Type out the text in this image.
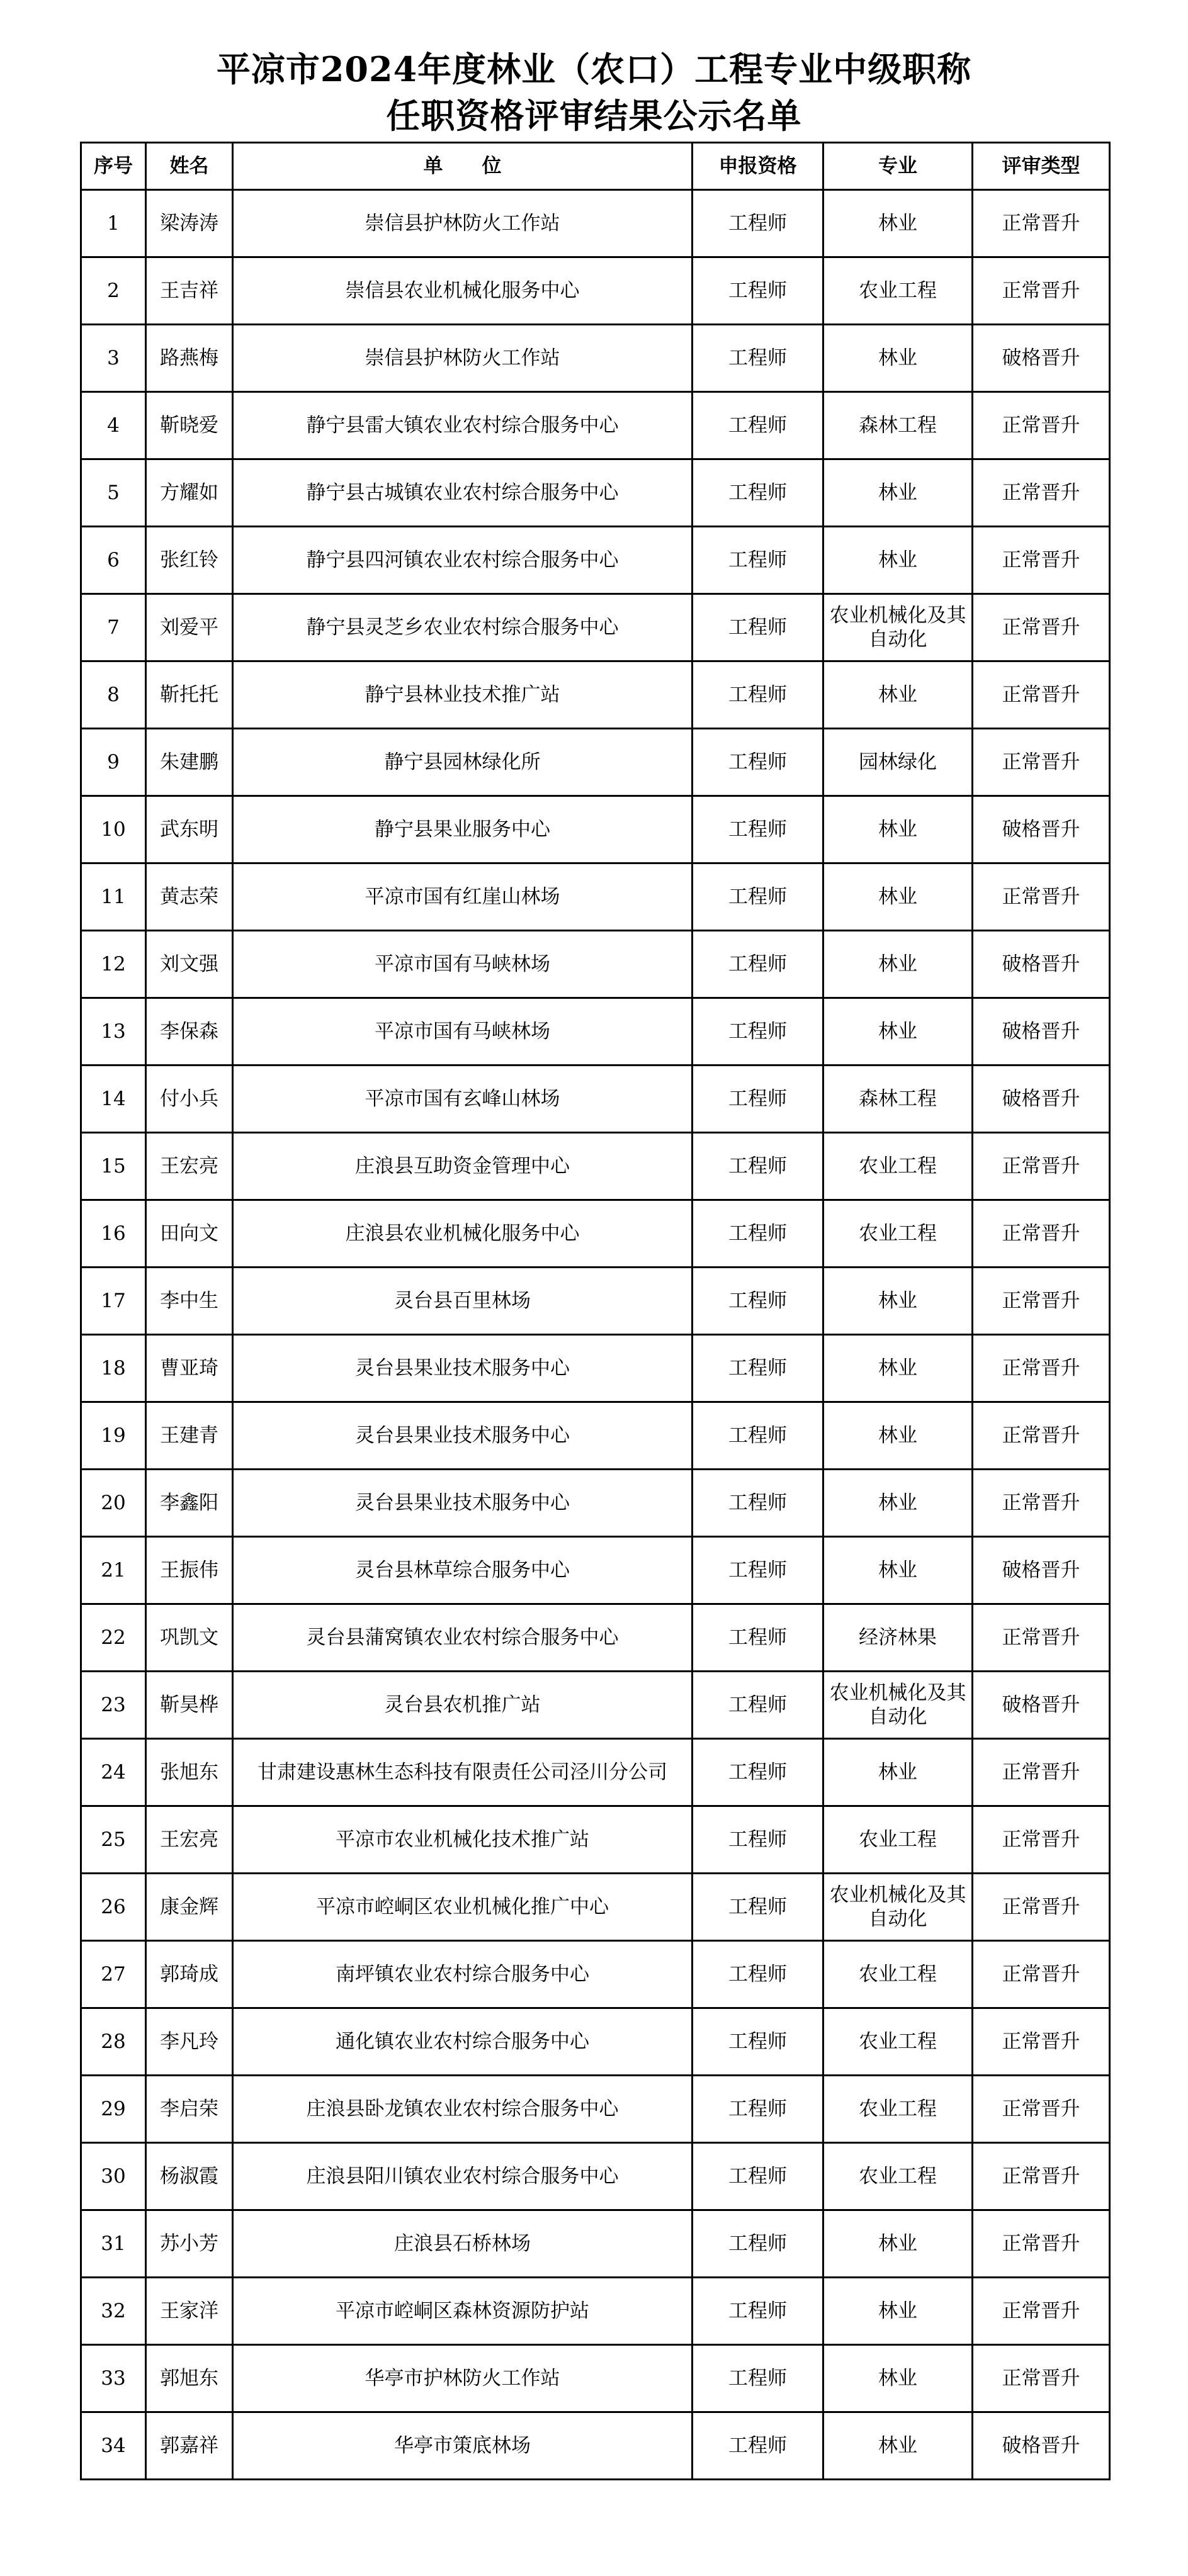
平凉市2024年度林业（农口）工程专业中级职称
任职资格评审结果公示名单
序号	姓名	单　　位	申报资格	专业	评审类型
1	梁涛涛	崇信县护林防火工作站	工程师	林业	正常晋升
2	王吉祥	崇信县农业机械化服务中心	工程师	农业工程	正常晋升
3	路燕梅	崇信县护林防火工作站	工程师	林业	破格晋升
4	靳晓爱	静宁县雷大镇农业农村综合服务中心	工程师	森林工程	正常晋升
5	方耀如	静宁县古城镇农业农村综合服务中心	工程师	林业	正常晋升
6	张红铃	静宁县四河镇农业农村综合服务中心	工程师	林业	正常晋升
7	刘爱平	静宁县灵芝乡农业农村综合服务中心	工程师	农业机械化及其自动化	正常晋升
8	靳托托	静宁县林业技术推广站	工程师	林业	正常晋升
9	朱建鹏	静宁县园林绿化所	工程师	园林绿化	正常晋升
10	武东明	静宁县果业服务中心	工程师	林业	破格晋升
11	黄志荣	平凉市国有红崖山林场	工程师	林业	正常晋升
12	刘文强	平凉市国有马峡林场	工程师	林业	破格晋升
13	李保森	平凉市国有马峡林场	工程师	林业	破格晋升
14	付小兵	平凉市国有玄峰山林场	工程师	森林工程	破格晋升
15	王宏亮	庄浪县互助资金管理中心	工程师	农业工程	正常晋升
16	田向文	庄浪县农业机械化服务中心	工程师	农业工程	正常晋升
17	李中生	灵台县百里林场	工程师	林业	正常晋升
18	曹亚琦	灵台县果业技术服务中心	工程师	林业	正常晋升
19	王建青	灵台县果业技术服务中心	工程师	林业	正常晋升
20	李鑫阳	灵台县果业技术服务中心	工程师	林业	正常晋升
21	王振伟	灵台县林草综合服务中心	工程师	林业	破格晋升
22	巩凯文	灵台县蒲窝镇农业农村综合服务中心	工程师	经济林果	正常晋升
23	靳昊桦	灵台县农机推广站	工程师	农业机械化及其自动化	破格晋升
24	张旭东	甘肃建设惠林生态科技有限责任公司泾川分公司	工程师	林业	正常晋升
25	王宏亮	平凉市农业机械化技术推广站	工程师	农业工程	正常晋升
26	康金辉	平凉市崆峒区农业机械化推广中心	工程师	农业机械化及其自动化	正常晋升
27	郭琦成	南坪镇农业农村综合服务中心	工程师	农业工程	正常晋升
28	李凡玲	通化镇农业农村综合服务中心	工程师	农业工程	正常晋升
29	李启荣	庄浪县卧龙镇农业农村综合服务中心	工程师	农业工程	正常晋升
30	杨淑霞	庄浪县阳川镇农业农村综合服务中心	工程师	农业工程	正常晋升
31	苏小芳	庄浪县石桥林场	工程师	林业	正常晋升
32	王家洋	平凉市崆峒区森林资源防护站	工程师	林业	正常晋升
33	郭旭东	华亭市护林防火工作站	工程师	林业	正常晋升
34	郭嘉祥	华亭市策底林场	工程师	林业	破格晋升
